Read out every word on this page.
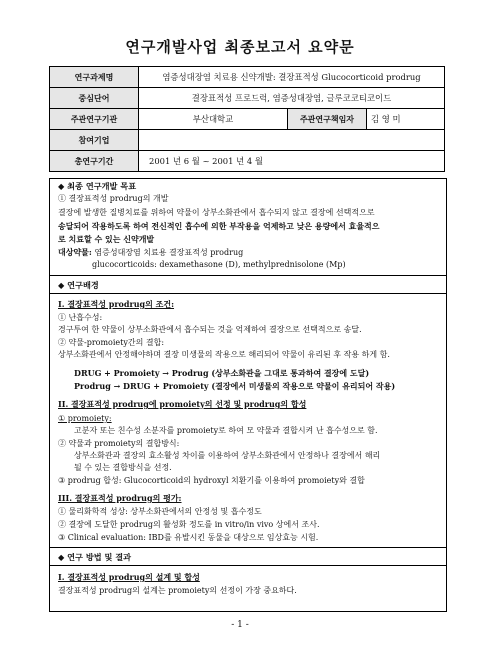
연구개발사업 최종보고서 요약문
연구과제명	염증성대장염 치료용 신약개발: 결장표적성 Glucocorticoid prodrug		
중심단어	결장표적성 프로드럭, 염증성대장염, 글루코코티코이드		
주관연구기관	부산대학교	주관연구책임자	김 영 미
참여기업			
총연구기간	2001 년 6 월 ~ 2001 년 4 월		
◆ 최종 연구개발 목표
① 결장표적성 prodrug의 개발
결장에 발생한 질병치료를 위하여 약물이 상부소화관에서 흡수되지 않고 결장에 선택적으로
송달되어 작용하도록 하여 전신적인 흡수에 의한 부작용을 억제하고 낮은 용량에서 효율적으
로 치료할 수 있는 신약개발
대상약물: 염증성대장염 치료용 결장표적성 prodrug
glucocorticoids: dexamethasone (D), methylprednisolone (Mp)
◆ 연구배경
I. 결장표적성 prodrug의 조건:
① 난흡수성:
경구투여 한 약물이 상부소화관에서 흡수되는 것을 억제하여 결장으로 선택적으로 송달.
② 약물-promoiety간의 결합:
상부소화관에서 안정해야하며 결장 미생물의 작용으로 해리되어 약물이 유리된 후 작용 하게 함.
DRUG + Promoiety → Prodrug (상부소화관을 그대로 통과하여 결장에 도달)
Prodrug → DRUG + Promoiety (결장에서 미생물의 작용으로 약물이 유리되어 작용)
II. 결장표적성 prodrug에 promoiety의 선정 및 prodrug의 합성
① promoiety:
고분자 또는 친수성 소분자를 promoiety로 하여 모 약물과 결합시켜 난 흡수성으로 함.
② 약물과 promoiety의 결합방식:
상부소화관과 결장의 효소활성 차이를 이용하여 상부소화관에서 안정하나 결장에서 해리
될 수 있는 결합방식을 선정.
③ prodrug 합성: Glucocorticoid의 hydroxyl 치환기를 이용하여 promoiety와 결합
III. 결장표적성 prodrug의 평가:
① 물리화학적 성상: 상부소화관에서의 안정성 및 흡수정도
② 결장에 도달한 prodrug의 활성화 정도를 in vitro/in vivo 상에서 조사.
③ Clinical evaluation: IBD를 유발시킨 동물을 대상으로 임상효능 시험.
◆ 연구 방법 및 결과
I. 결장표적성 prodrug의 설계 및 합성
결장표적성 prodrug의 설계는 promoiety의 선정이 가장 중요하다.
- 1 -
